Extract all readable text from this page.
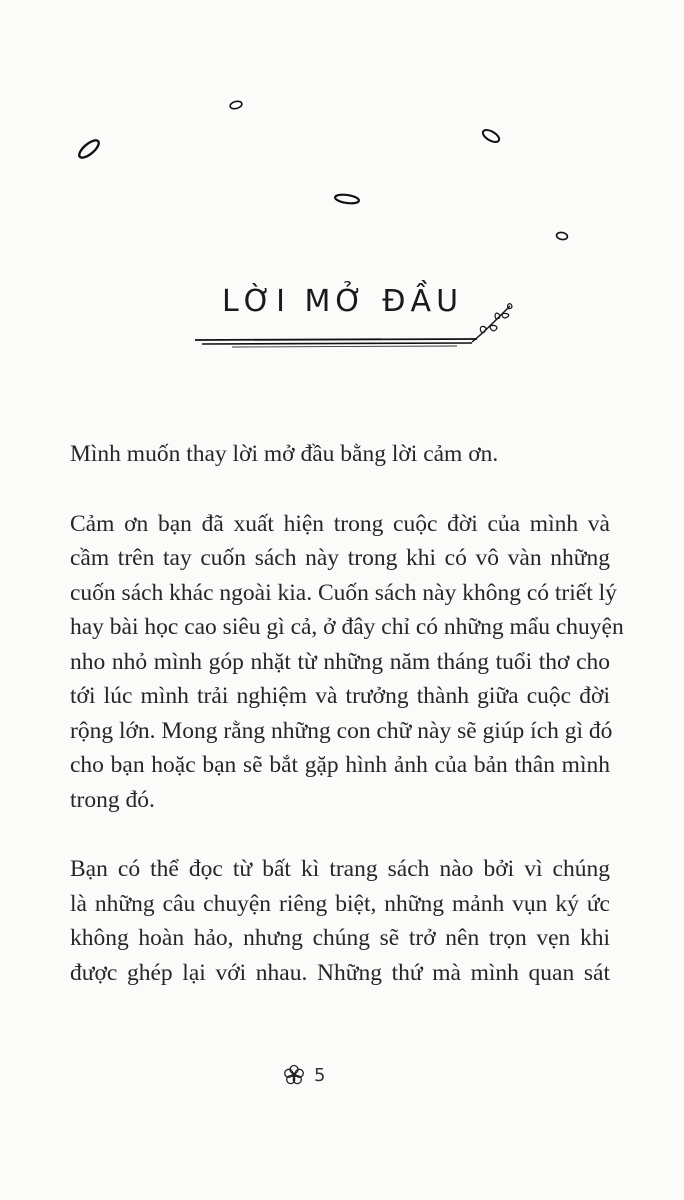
LỜI MỞ ĐẦU

Mình muốn thay lời mở đầu bằng lời cảm ơn.

Cảm ơn bạn đã xuất hiện trong cuộc đời của mình và
cầm trên tay cuốn sách này trong khi có vô vàn những
cuốn sách khác ngoài kia. Cuốn sách này không có triết lý
hay bài học cao siêu gì cả, ở đây chỉ có những mẩu chuyện
nho nhỏ mình góp nhặt từ những năm tháng tuổi thơ cho
tới lúc mình trải nghiệm và trưởng thành giữa cuộc đời
rộng lớn. Mong rằng những con chữ này sẽ giúp ích gì đó
cho bạn hoặc bạn sẽ bắt gặp hình ảnh của bản thân mình
trong đó.

Bạn có thể đọc từ bất kì trang sách nào bởi vì chúng
là những câu chuyện riêng biệt, những mảnh vụn ký ức
không hoàn hảo, nhưng chúng sẽ trở nên trọn vẹn khi
được ghép lại với nhau. Những thứ mà mình quan sát

5
